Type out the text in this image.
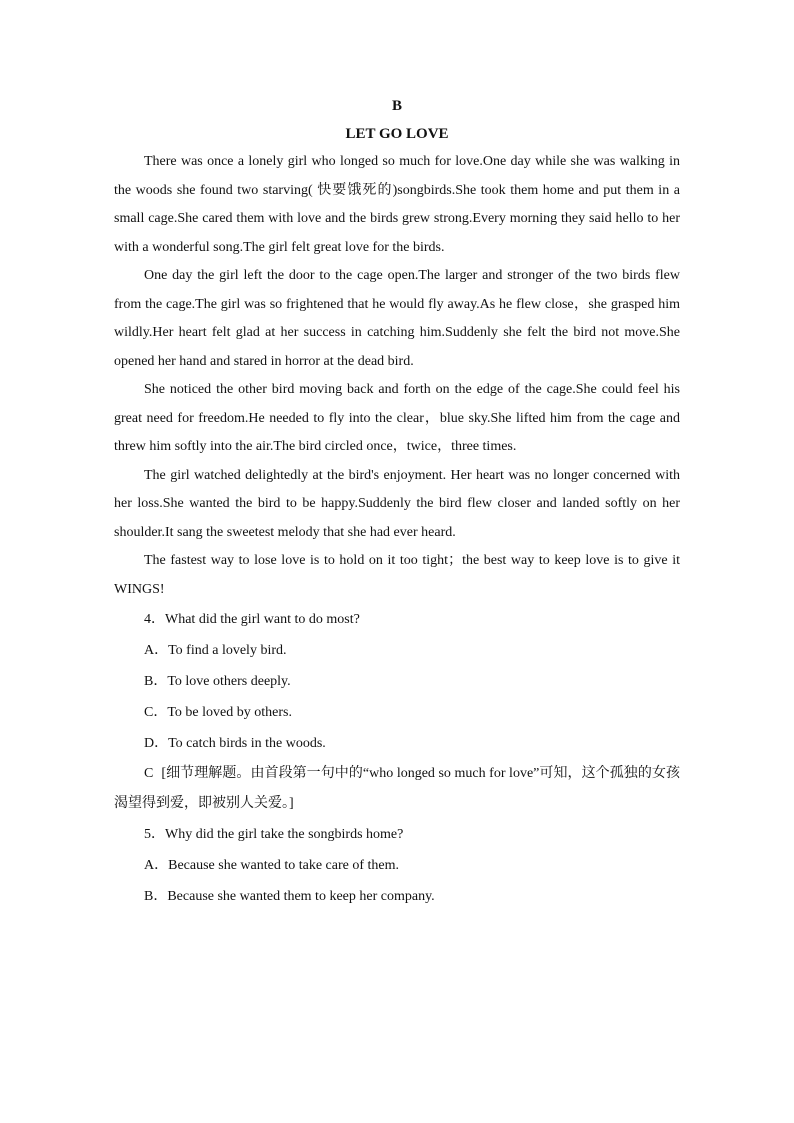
B
LET GO LOVE

There was once a lonely girl who longed so much for love.One day while she was walking in the woods she found two starving( 快要饿死的)songbirds.She took them home and put them in a small cage.She cared them with love and the birds grew strong.Every morning they said hello to her with a wonderful song.The girl felt great love for the birds.

One day the girl left the door to the cage open.The larger and stronger of the two birds flew from the cage.The girl was so frightened that he would fly away.As he flew close，she grasped him wildly.Her heart felt glad at her success in catching him.Suddenly she felt the bird not move.She opened her hand and stared in horror at the dead bird.

She noticed the other bird moving back and forth on the edge of the cage.She could feel his great need for freedom.He needed to fly into the clear，blue sky.She lifted him from the cage and threw him softly into the air.The bird circled once，twice，three times.

The girl watched delightedly at the bird's enjoyment. Her heart was no longer concerned with her loss.She wanted the bird to be happy.Suddenly the bird flew closer and landed softly on her shoulder.It sang the sweetest melody that she had ever heard.

The fastest way to lose love is to hold on it too tight；the best way to keep love is to give it WINGS!

4．What did the girl want to do most?

A．To find a lovely bird.

B．To love others deeply.

C．To be loved by others.

D．To catch birds in the woods.

C [细节理解题。由首段第一句中的“who longed so much for love”可知，这个孤独的女孩渴望得到爱，即被别人关爱。]

5．Why did the girl take the songbirds home?

A．Because she wanted to take care of them.

B．Because she wanted them to keep her company.
